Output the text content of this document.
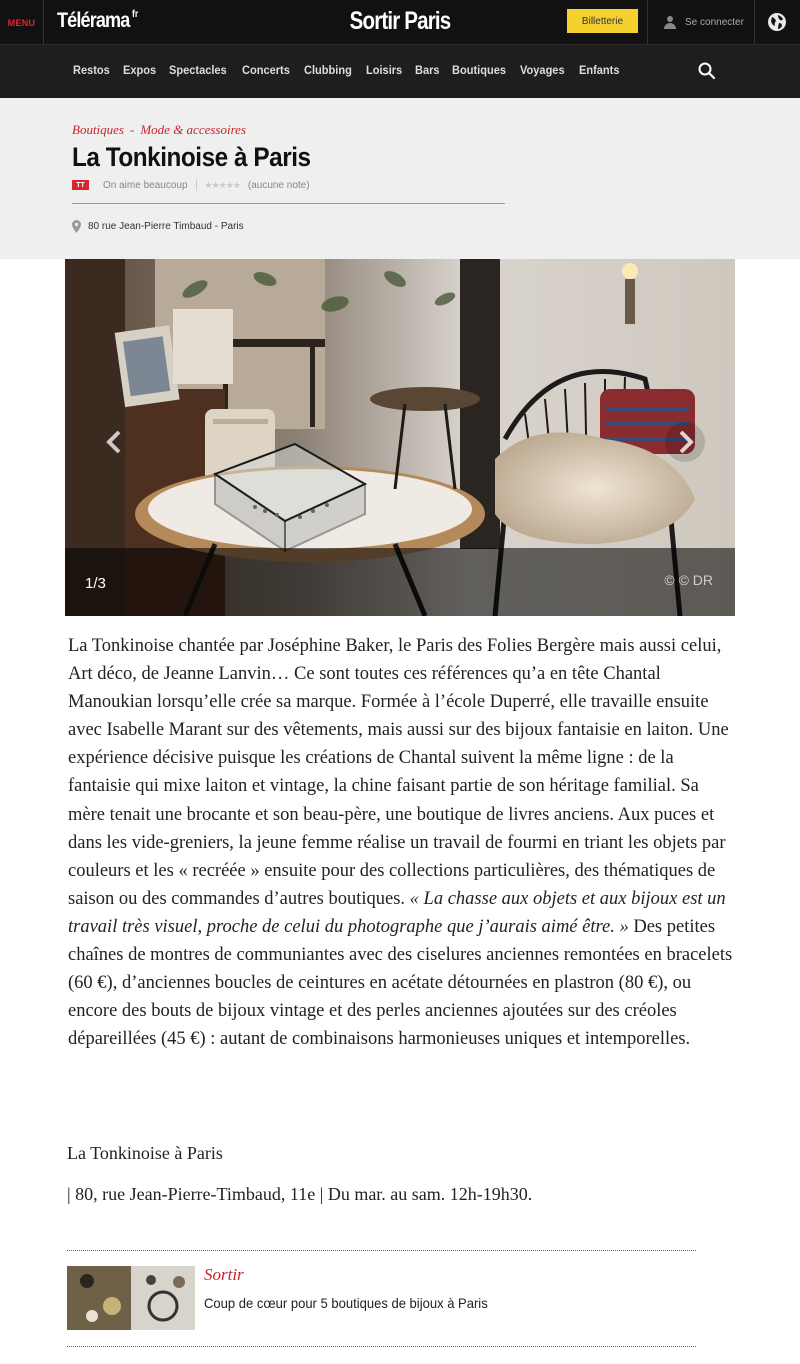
MENU	Télérama $^{fr}$	Sortir Paris	Billetterie	Se connecter
Restos Expos Spectacles Concerts Clubbing Loisirs Bars Boutiques Voyages Enfants
Boutiques - Mode & accessoires
La Tonkinoise à Paris
TT	On aime beaucoup ★★★★★ (aucune note)
80 rue Jean-Pierre Timbaud - Paris
1/3	© © DR

La Tonkinoise chantée par Joséphine Baker, le Paris des Folies Bergère mais aussi celui, Art déco, de Jeanne Lanvin… Ce sont toutes ces références qu’a en tête Chantal Manoukian lorsqu’elle crée sa marque. Formée à l’école Duperré, elle travaille ensuite avec Isabelle Marant sur des vêtements, mais aussi sur des bijoux fantaisie en laiton. Une expérience décisive puisque les créations de Chantal suivent la même ligne : de la fantaisie qui mixe laiton et vintage, la chine faisant partie de son héritage familial. Sa mère tenait une brocante et son beau-père, une boutique de livres anciens. Aux puces et dans les vide-greniers, la jeune femme réalise un travail de fourmi en triant les objets par couleurs et les « recréée » ensuite pour des collections particulières, des thématiques de saison ou des commandes d’autres boutiques. « La chasse aux objets et aux bijoux est un travail très visuel, proche de celui du photographe que j’aurais aimé être. » Des petites chaînes de montres de communiantes avec des ciselures anciennes remontées en bracelets (60 €), d’anciennes boucles de ceintures en acétate détournées en plastron (80 €), ou encore des bouts de bijoux vintage et des perles anciennes ajoutées sur des créoles dépareillées (45 €) : autant de combinaisons harmonieuses uniques et intemporelles.

La Tonkinoise à Paris
| 80, rue Jean-Pierre-Timbaud, 11e | Du mar. au sam. 12h-19h30.
Sortir
Coup de cœur pour 5 boutiques de bijoux à Paris
